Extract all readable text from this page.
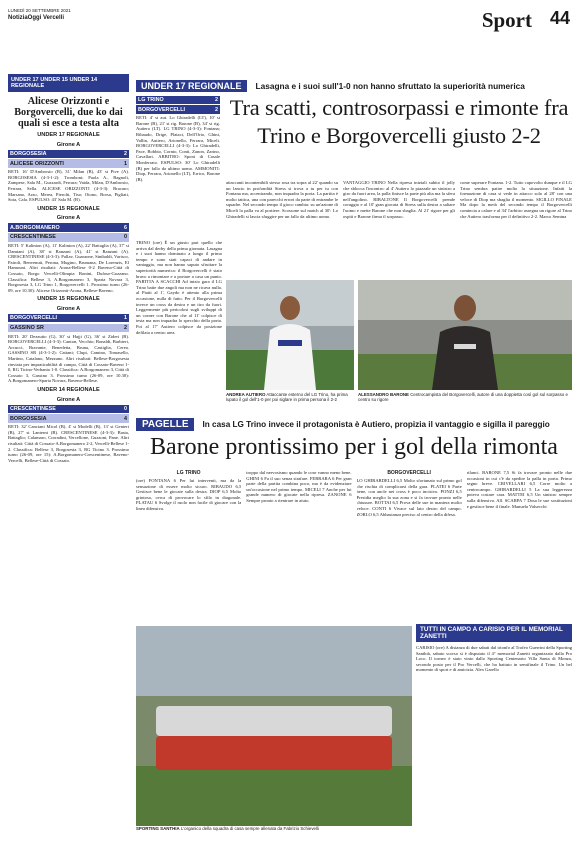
LUNEDÌ 20 SETTEMBRE 2021
NotiziaOggi Vercelli	Sport 44
UNDER 17 UNDER 15 UNDER 14 REGIONALE
Alicese Orizzonti e Borgovercelli, due ko dai quali si esce a testa alta
UNDER 17 REGIONALE
Girone A
BORGOSESIA	2
ALICESE ORIZZONTI	1
RETI: 16' D'Ambrosio (B), 31' Milan (B), 43' st Pive (A). BORGOSESIA (4-3-1-2): Tromboni; Paola A., Bagnoli, Zampese, Sala M., Guzzardi, Ferrara; Vaida, Milan, D'Ambrosio, Ferrara, Sella. ALICESE ORIZZONTI (4-3-3): Bracaro; Marsano, Arzo, Merea, Pierolti, Tiso; Otono, Borsa, Pigliati, Sota, Cala. ESPULSO: 43' Sala M. (B).
UNDER 15 REGIONALE
Girone A
A.BORGOMANERO	6
CRESCENTINESE	0
RETI: 5' Kalinion (A), 11' Kalinion (A), 22' Battaglia (A), 37' st Damiani (A), 38' st Ranzani (A), 41' st Ranzani (A). CRESCENTINESE (4-3-3): Pallav, Guaraone, Sinibaldi, Varisco, Pairoli, Benvenuti, Perona, Mugino, Brumana, De Lorenzis, El Hamouni. Altri risultati: Arona-Bellese 0-2 Baveno-Città di Cossato, Borgo Vercelli-Olimpia Bonini, Dufour-Gozzano. Classifica: Bellese 3, A.Borgomanero 3, Sparta Novara 3, Borgosesia 3, LG Trino 1, Borgovercelli 1. Prossimo turno (26-09, ore 10.30): Alicese Orizzonti-Arona, Bellese-Baveno.
UNDER 15 REGIONALE
Girone A
BORGOVERCELLI	1
GASSINO SR	2
RETI: 20' Dezzutto (G), 30' st Hajji (G), 36' st Zideri (B). BORGOVERCELLI (4-3-3): Canton, Vecchio; Bonaldi, Barbieri, Arcucci, Bravante, Benedetta, Bruna, Castiglia, Cerea. GASSINO SR (4-3-1-2): Cattani; Clupi, Camino, Tomasello, Martino, Catalano, Mezzano. Altri risultati: Bellese-Borgosesia rinviata per impraticabilità di campo, Città di Cossato-Baveno 1-0, RG Ticino-Verbania 1-0. Classifica: A.Borgomanero 3, Città di Cossato 3, Gassino 3. Prossimo turno (26-09, ore 10.30): A.Borgomanero-Sparta Novara, Baveno-Bellese.
UNDER 14 REGIONALE
Girone A
CRESCENTINESE	0
BORGOSESIA	4
RETI: 32' Canciani Micol (B), 4' st Modelli (B), 13' st Genieri (B), 27' st Lanterni (B). CRESCENTINESE (4-3-3): Basta, Battaglio; Calamaro, Corradini, Vercellone, Guzzoni, Pane. Altri risultati: Città di Cossato-A.Borgomanero 2-2, Vercelli-Bellese 1-2. Classifica: Bellese 3, Borgosesia 3, RG Ticino 3. Prossimo turno (26-09, ore 15): A.Borgomanero-Crescentinese, Baveno-Vercelli, Bellese-Città di Cossato.
UNDER 17 REGIONALE Lasagna e i suoi sull'1-0 non hanno sfruttato la superiorità numerica
LG TRINO	2
BORGOVERCELLI	2
RETI: 4' st aut. Lo Ghiradelli (LT), 10' st Barone (B), 21' st rig. Barone (B), 34' st rig. Autiero (LT). LG TRINO (4-3-3): Fontana; Ribaudo, Drige, Plataci, Dell'Orto, Ghini, Vallin, Autiero, Arionello, Ferrara, Miceli. BORGOVERCELLI (4-3-3): Lo Ghiradelli, Pace, Bobbio, Cornio, Conti, Zanon, Zarino, Cavallari. ARBITRO: Sponi di Casale Monferrato. ESPULSO: 30' Lo Ghiradelli (B) per fallo da ultimo uomo. AMMONITI: Diop, Ferrara, Arionello (LT), Errico, Barone (B).
Tra scatti, controsorpassi e rimonte fra Trino e Borgovercelli giusto 2-2
attaccanti incontenibili stesso rosa tra sopra al 22' quando su un lancio in profondità Stress si trova a tu per tu con Fontana ma, accentrando, non inquadra la porta. La partita è molto tattica, una con parecchi errori da parte di entrambe le squadre. Nel secondo tempo il gioco cambia: su un'azione di Miceli la palla va al portiere. Scossone sul match al 30': Lo Ghiradelli si lascia sfuggire per un fallo da ultimo uomo.
VANTAGGIO TRINO Nella ripresa iniziali subito il jolly che sblocca l'incontro: al 4' Autiero lo piazzale un sinistro a giro da fuori area, la palla finisce la parte più alta ma la sfera nell'angolino. RIBALTONE Il Borgovercelli prende coraggio e al 10' gran giocata di Stress sulla destra a saltare l'uomo e mette Barone che non sbaglia. Al 21' rigore per gli ospiti e Barone firma il sorpasso.
come superare Fontana. 1-2. Tutto capovolto dunque e il LG Trino sembra patire molto la situazione. Infatti la formazione di casa si vede in attacco solo al 28' con una veloce di Diop ma sbaglia il momento. SIGILLO FINALE Ma dopo la metà del secondo tempo il Borgovercelli comincia a calare e al 34' l'arbitro assegna un rigore al Trino che Autiero trasforma per il definitivo 2-2. Marco Semina
ANDREA AUTIERO Attaccante esterno del LG Trino, ha prima lupato il gol dell'1-0 per poi siglare in prima persona il 2-2
ALESSANDRO BARONE Centrocampista del Borgovercelli, autore di una doppietta così gol sul sorpasso e centro su rigore
TRINO (ore) È un giusto pari quello che arriva dal derby della prima giornata. Lasagna e i suoi hanno dominato a lungo il primo tempo e sono stati capaci di andare in vantaggio, ma non hanno saputo sfruttare la superiorità numerica: il Borgovercelli è stato bravo a rimontare e a portare a casa un punto. PARTITA A SCACCHI Ad inizio gara il LG Trino batte due angoli ma non ne ricava nulla. al Piatti al 1', Gaydo è attento alla prima occasione, nulla di fatto. Per il Borgovercelli invece un cross da destra e un tiro da fuori. Leggermente più pericolosi sugli sviluppi di un corner con Barone che al 11' colpisce di testa ma non inquadra lo specchio della porta. Poi al 17' Autiero colpisce da posizione defilata a centro area.
PAGELLE In casa LG Trino invece il protagonista è Autiero, propizia il vantaggio e sigilla il pareggio
Barone prontissimo per i gol della rimonta
LG TRINO
(ore) FONTANA 6 Per lui interventi, ma da la sensazione di essere molto sicuro. RIBAUDO 6,5 Gestisce bene le giocate sulla destra. DIOP 6,5 Molto grintoso, cerca di provocare lo sfilo in diagonale. PLATAU 6 Svolge il ruolo non facile di giocare con la linea difensiva.
troppo dal nervosismo quando le cose vanno meno bene. GHINI 6 Fa il suo senza strafare. FERRARA 6 Per gran parte della partita combina poco, ma è da evidenziare un'occasione nel primo tempo. MICELI 7 Anche per lui grande numero di giocate nella ripresa. ZANONE 6 Sempre pronto a rientrare in aiuto.
BORGOVERCELLI
LO GHIRARDELLI 6,5 Molto sfortunato sul primo gol che rischia di complicarsi della gara. PLATEI 6 Parte bene, con ancle nei cross è poco incisivo. PONZI 6,5 Presidia meglio la sua zona e si fa trovare pronto nelle chiusure. BOTTAI 6,5 Prova delle sue in maniera molto veloce. CONTI 6 Vivace sul lato destro del campo. ZORLO 6,5 Abbastanza preciso al centro della difesa.
rilanci. BARONE 7,5 Si fa trovare pronto nelle due occasioni in cui c'è da spedire la palla in porta. Primo segno breve. CRIVELLARI 6,5 Corre molto a centrocampo. GHIRARDELLI 5 La sua leggerezza poteva costare cara. MATTEI 6,5 Un sinistro sempre sulla difensiva. All. SCARPA 7 Dosa le sue sostituzioni e gestisce bene il finale. Manuela Valsecchi
SPORTING SANTHIA L'organico della squadra di casa sempre allenata da Fabrizio Schievelli
TUTTI IN CAMPO A CARISIO PER IL MEMORIAL ZANETTI
CARISIO (ore) A distanza di due sabati dal trionfo al Trofeo Guerrini della Sporting Santhià, sabato scorso si è disputato il 4° memorial Zanetti organizzato dalla Pro Loco. Il torneo è stato vinto dallo Sporting Centenario Villa Santa di Monza, secondo posto per il Pro Vercelli, che ha battuto in semifinale il Trino. Un bel momento di sport e di amicizia. Alex Garello
